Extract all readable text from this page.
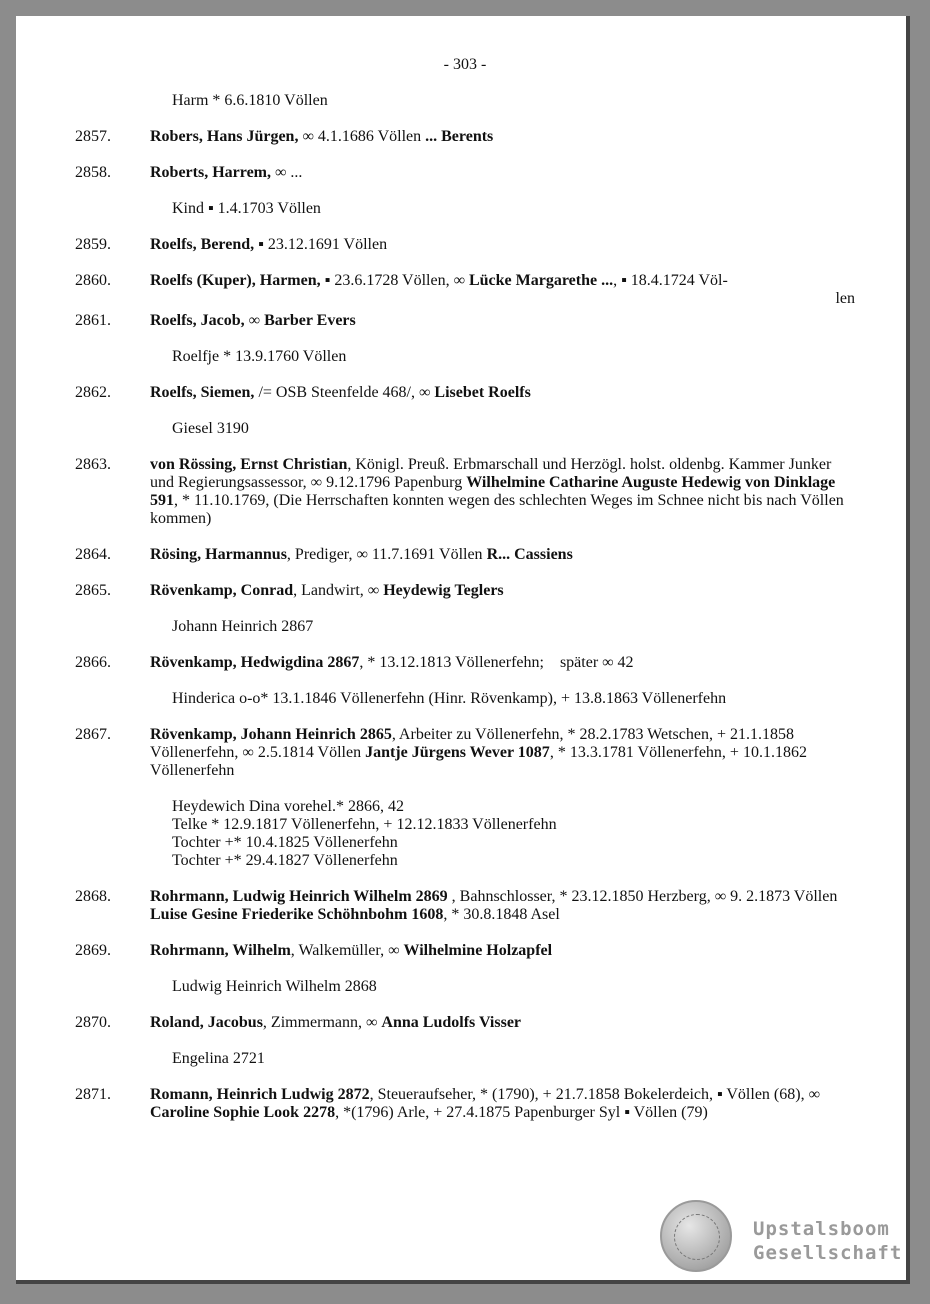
- 303 -
Harm * 6.6.1810 Völlen
2857. Robers, Hans Jürgen, ∞ 4.1.1686 Völlen ... Berents
2858. Roberts, Harrem, ∞ ...
Kind ▪ 1.4.1703 Völlen
2859. Roelfs, Berend, ▪ 23.12.1691 Völlen
2860. Roelfs (Kuper), Harmen, ▪ 23.6.1728 Völlen, ∞ Lücke Margarethe ..., ▪ 18.4.1724 Völ-
len
2861. Roelfs, Jacob, ∞ Barber Evers
Roelfje * 13.9.1760 Völlen
2862. Roelfs, Siemen, /= OSB Steenfelde 468/, ∞ Lisebet Roelfs
Giesel 3190
2863. von Rössing, Ernst Christian, Königl. Preuß. Erbmarschall und Herzögl. holst. oldenbg. Kammer Junker und Regierungsassessor, ∞ 9.12.1796 Papenburg Wilhelmine Catharine Auguste Hedewig von Dinklage 591, * 11.10.1769, (Die Herrschaften konnten wegen des schlechten Weges im Schnee nicht bis nach Völlen kommen)
2864. Rösing, Harmannus, Prediger, ∞ 11.7.1691 Völlen R... Cassiens
2865. Rövenkamp, Conrad, Landwirt, ∞ Heydewig Teglers
Johann Heinrich 2867
2866. Rövenkamp, Hedwigdina 2867, * 13.12.1813 Völlenerfehn;    später ∞ 42
Hinderica o-o* 13.1.1846 Völlenerfehn (Hinr. Rövenkamp), + 13.8.1863 Völlenerfehn
2867. Rövenkamp, Johann Heinrich 2865, Arbeiter zu Völlenerfehn, * 28.2.1783 Wetschen, + 21.1.1858 Völlenerfehn, ∞ 2.5.1814 Völlen Jantje Jürgens Wever 1087, * 13.3.1781 Völlenerfehn, + 10.1.1862 Völlenerfehn
Heydewich Dina vorehel.* 2866, 42
Telke * 12.9.1817 Völlenerfehn, + 12.12.1833 Völlenerfehn
Tochter +* 10.4.1825 Völlenerfehn
Tochter +* 29.4.1827 Völlenerfehn
2868. Rohrmann, Ludwig Heinrich Wilhelm 2869 , Bahnschlosser, * 23.12.1850 Herzberg, ∞ 9. 2.1873 Völlen Luise Gesine Friederike Schöhnbohm 1608, * 30.8.1848 Asel
2869. Rohrmann, Wilhelm, Walkemüller, ∞ Wilhelmine Holzapfel
Ludwig Heinrich Wilhelm 2868
2870. Roland, Jacobus, Zimmermann, ∞ Anna Ludolfs Visser
Engelina 2721
2871. Romann, Heinrich Ludwig 2872, Steueraufseher, * (1790), + 21.7.1858 Bokelerdeich, ▪ Völlen (68), ∞ Caroline Sophie Look 2278, *(1796) Arle, + 27.4.1875 Papenburger Syl ▪ Völlen (79)
Upstalsboom
Gesellschaft
